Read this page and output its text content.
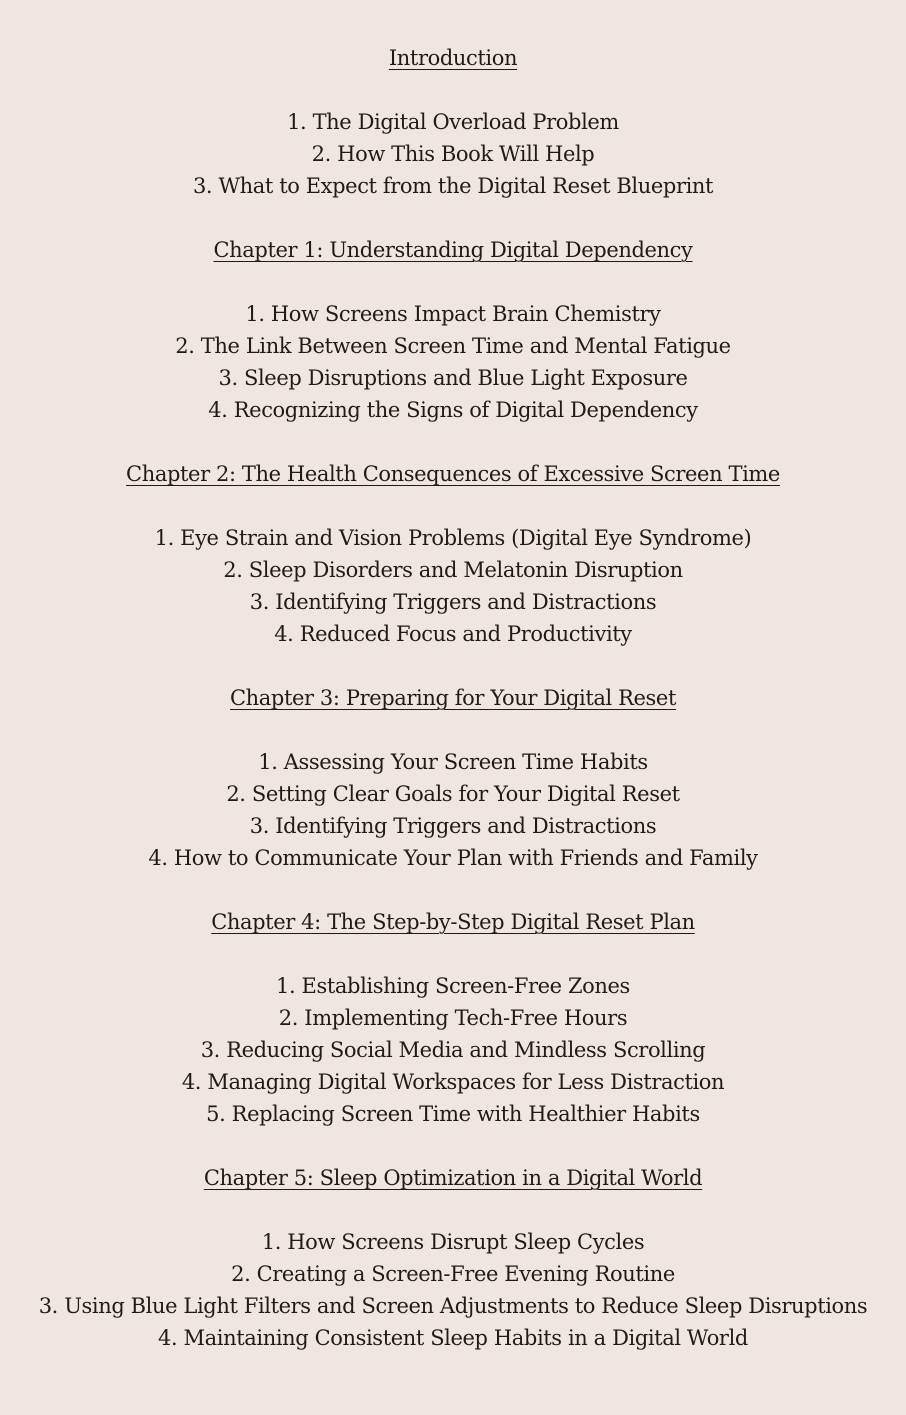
Introduction
1. The Digital Overload Problem
2. How This Book Will Help
3. What to Expect from the Digital Reset Blueprint
Chapter 1: Understanding Digital Dependency
1. How Screens Impact Brain Chemistry
2. The Link Between Screen Time and Mental Fatigue
3. Sleep Disruptions and Blue Light Exposure
4. Recognizing the Signs of Digital Dependency
Chapter 2: The Health Consequences of Excessive Screen Time
1. Eye Strain and Vision Problems (Digital Eye Syndrome)
2. Sleep Disorders and Melatonin Disruption
3. Identifying Triggers and Distractions
4. Reduced Focus and Productivity
Chapter 3: Preparing for Your Digital Reset
1. Assessing Your Screen Time Habits
2. Setting Clear Goals for Your Digital Reset
3. Identifying Triggers and Distractions
4. How to Communicate Your Plan with Friends and Family
Chapter 4: The Step-by-Step Digital Reset Plan
1. Establishing Screen-Free Zones
2. Implementing Tech-Free Hours
3. Reducing Social Media and Mindless Scrolling
4. Managing Digital Workspaces for Less Distraction
5. Replacing Screen Time with Healthier Habits
Chapter 5: Sleep Optimization in a Digital World
1. How Screens Disrupt Sleep Cycles
2. Creating a Screen-Free Evening Routine
3. Using Blue Light Filters and Screen Adjustments to Reduce Sleep Disruptions
4. Maintaining Consistent Sleep Habits in a Digital World
